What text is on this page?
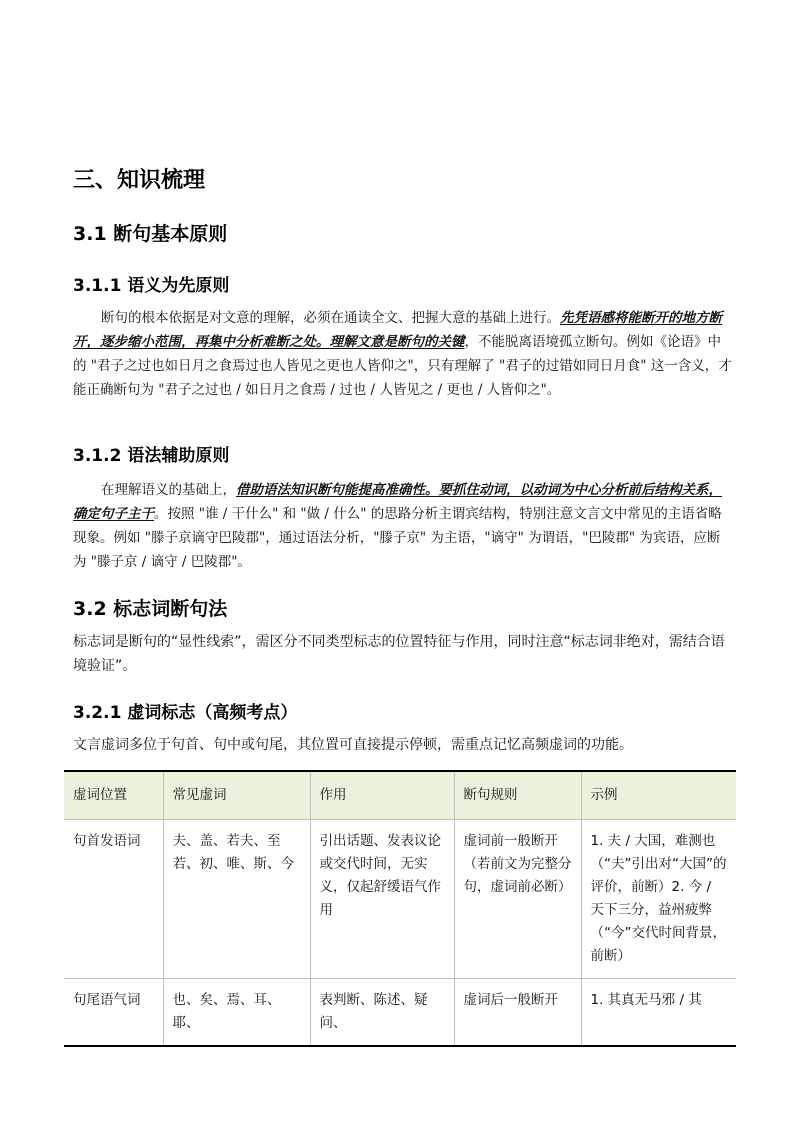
三、知识梳理
3.1 断句基本原则
3.1.1 语义为先原则

断句的根本依据是对文意的理解，必须在通读全文、把握大意的基础上进行。先凭语感将能断开的地方断开，逐步缩小范围，再集中分析难断之处。理解文意是断句的关键，不能脱离语境孤立断句。例如《论语》中的 "君子之过也如日月之食焉过也人皆见之更也人皆仰之"，只有理解了 "君子的过错如同日月食" 这一含义，才能正确断句为 "君子之过也 / 如日月之食焉 / 过也 / 人皆见之 / 更也 / 人皆仰之"。

3.1.2 语法辅助原则

在理解语义的基础上，借助语法知识断句能提高准确性。要抓住动词，以动词为中心分析前后结构关系，确定句子主干。按照 "谁 / 干什么" 和 "做 / 什么" 的思路分析主谓宾结构，特别注意文言文中常见的主语省略现象。例如 "滕子京谪守巴陵郡"，通过语法分析，"滕子京" 为主语，"谪守" 为谓语，"巴陵郡" 为宾语，应断为 "滕子京 / 谪守 / 巴陵郡"。

3.2 标志词断句法

标志词是断句的“显性线索”，需区分不同类型标志的位置特征与作用，同时注意“标志词非绝对，需结合语境验证”。

3.2.1 虚词标志（高频考点）

文言虚词多位于句首、句中或句尾，其位置可直接提示停顿，需重点记忆高频虚词的功能。

虚词位置	常见虚词	作用	断句规则	示例
句首发语词	夫、盖、若夫、至若、初、唯、斯、今	引出话题、发表议论或交代时间，无实义，仅起舒缓语气作用	虚词前一般断开（若前文为完整分句，虚词前必断）	1. 夫 / 大国，难测也（“夫”引出对“大国”的评价，前断）2. 今 / 天下三分，益州疲弊（“今”交代时间背景，前断）
句尾语气词	也、矣、焉、耳、耶、	表判断、陈述、疑问、	虚词后一般断开	1. 其真无马邪 / 其
